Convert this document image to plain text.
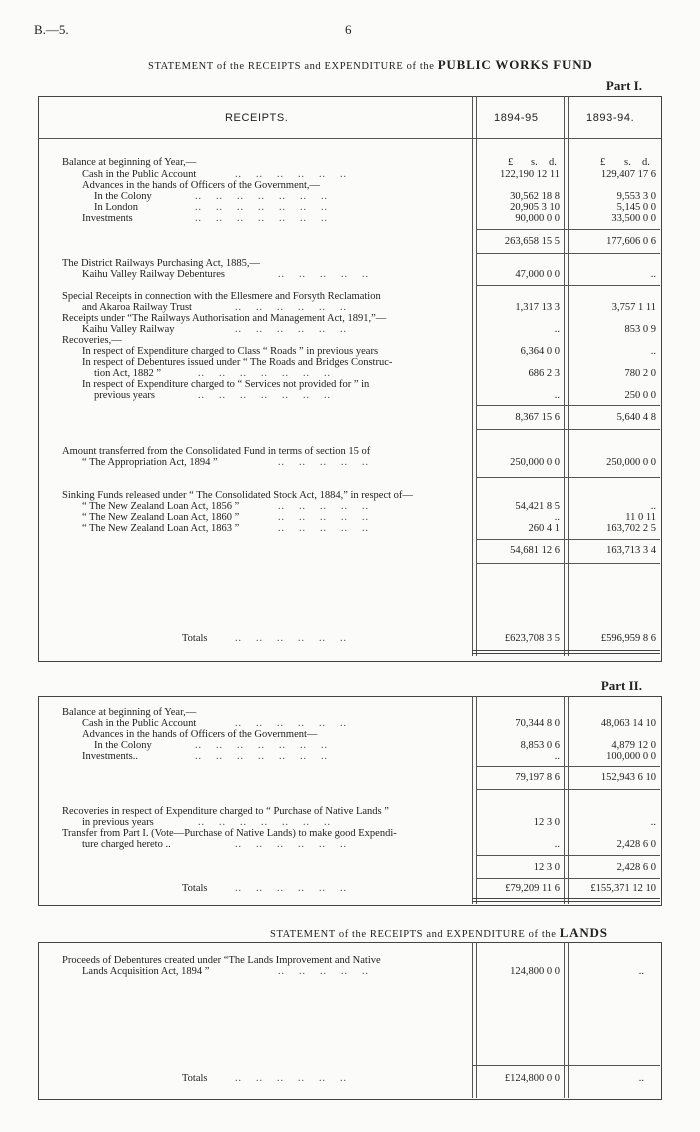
B.—5.	6
STATEMENT of the RECEIPTS and EXPENDITURE of the PUBLIC WORKS FUND
Part I.
RECEIPTS.	1894-95	1893-94.
£ s. d.	£ s. d.
Balance at beginning of Year,—
Cash in the Public Account	..    ..    ..    ..    ..    ..	122,190 12 11	129,407 17 6
Advances in the hands of Officers of the Government,—
In the Colony	..    ..    ..    ..    ..    ..    ..	30,562 18 8	9,553 3 0
In London	..    ..    ..    ..    ..    ..    ..	20,905 3 10	5,145 0 0
Investments	..    ..    ..    ..    ..    ..    ..	90,000 0 0	33,500 0 0
263,658 15 5	177,606 0 6
The District Railways Purchasing Act, 1885,—
Kaihu Valley Railway Debentures	..    ..    ..    ..    ..	47,000 0 0	..
Special Receipts in connection with the Ellesmere and Forsyth Reclamation
and Akaroa Railway Trust	..    ..    ..    ..    ..    ..	1,317 13 3	3,757 1 11
Receipts under “The Railways Authorisation and Management Act, 1891,”—
Kaihu Valley Railway	..    ..    ..    ..    ..    ..	..	853 0 9
Recoveries,—
In respect of Expenditure charged to Class “ Roads ” in previous years	6,364 0 0	..
In respect of Debentures issued under “ The Roads and Bridges Construc-
tion Act, 1882 ”	..    ..    ..    ..    ..    ..    ..	686 2 3	780 2 0
In respect of Expenditure charged to “ Services not provided for ” in
previous years	..    ..    ..    ..    ..    ..    ..	..	250 0 0
8,367 15 6	5,640 4 8
Amount transferred from the Consolidated Fund in terms of section 15 of
“ The Appropriation Act, 1894 ”	..    ..    ..    ..    ..	250,000 0 0	250,000 0 0
Sinking Funds released under “ The Consolidated Stock Act, 1884,” in respect of—
“ The New Zealand Loan Act, 1856 ”	..    ..    ..    ..    ..	54,421 8 5	..
“ The New Zealand Loan Act, 1860 ”	..    ..    ..    ..    ..	..	11 0 11
“ The New Zealand Loan Act, 1863 ”	..    ..    ..    ..    ..	260 4 1	163,702 2 5
54,681 12 6	163,713 3 4
Totals	..    ..    ..    ..    ..    ..	£623,708 3 5	£596,959 8 6
Part II.
Balance at beginning of Year,—
Cash in the Public Account	..    ..    ..    ..    ..    ..	70,344 8 0	48,063 14 10
Advances in the hands of Officers of the Government—
In the Colony	..    ..    ..    ..    ..    ..    ..	8,853 0 6	4,879 12 0
Investments..	..    ..    ..    ..    ..    ..    ..	..	100,000 0 0
79,197 8 6	152,943 6 10
Recoveries in respect of Expenditure charged to “ Purchase of Native Lands ”
in previous years	..    ..    ..    ..    ..    ..    ..	12 3 0	..
Transfer from Part I. (Vote—Purchase of Native Lands) to make good Expendi-
ture charged hereto ..	..    ..    ..    ..    ..    ..	..	2,428 6 0
12 3 0	2,428 6 0
Totals	..    ..    ..    ..    ..    ..	£79,209 11 6	£155,371 12 10
STATEMENT of the RECEIPTS and EXPENDITURE of the LANDS
Proceeds of Debentures created under “The Lands Improvement and Native
Lands Acquisition Act, 1894 ”	..    ..    ..    ..    ..	124,800 0 0	..
Totals	..    ..    ..    ..    ..    ..	£124,800 0 0	..
